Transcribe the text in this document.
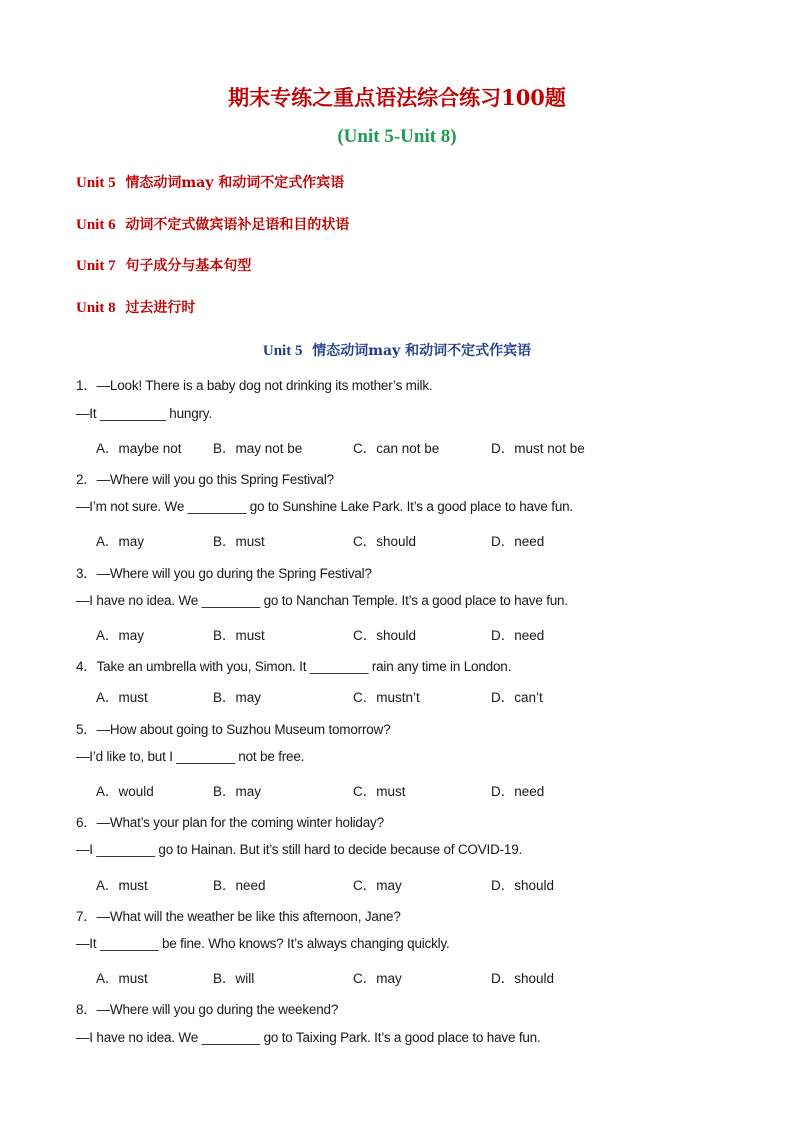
期末专练之重点语法综合练习100题
(Unit 5-Unit 8)
Unit 5 情态动词may 和动词不定式作宾语
Unit 6 动词不定式做宾语补足语和目的状语
Unit 7 句子成分与基本句型
Unit 8 过去进行时
Unit 5 情态动词may 和动词不定式作宾语
1．—Look! There is a baby dog not drinking its mother’s milk.
—It _________ hungry.
A．maybe not B．may not be	C．can not be	D．must not be
2．—Where will you go this Spring Festival?
—I’m not sure. We ________ go to Sunshine Lake Park. It’s a good place to have fun.
A．may	B．must	C．should	D．need
3．—Where will you go during the Spring Festival?
—I have no idea. We ________ go to Nanchan Temple. It’s a good place to have fun.
A．may	B．must	C．should	D．need
4．Take an umbrella with you, Simon. It ________ rain any time in London.
A．must	B．may	C．mustn’t	D．can’t
5．—How about going to Suzhou Museum tomorrow?
—I’d like to, but I ________ not be free.
A．would	B．may	C．must	D．need
6．—What’s your plan for the coming winter holiday?
—I ________ go to Hainan. But it’s still hard to decide because of COVID-19.
A．must	B．need	C．may	D．should
7．—What will the weather be like this afternoon, Jane?
—It ________ be fine. Who knows? It’s always changing quickly.
A．must	B．will	C．may	D．should
8．—Where will you go during the weekend?
—I have no idea. We ________ go to Taixing Park. It’s a good place to have fun.
